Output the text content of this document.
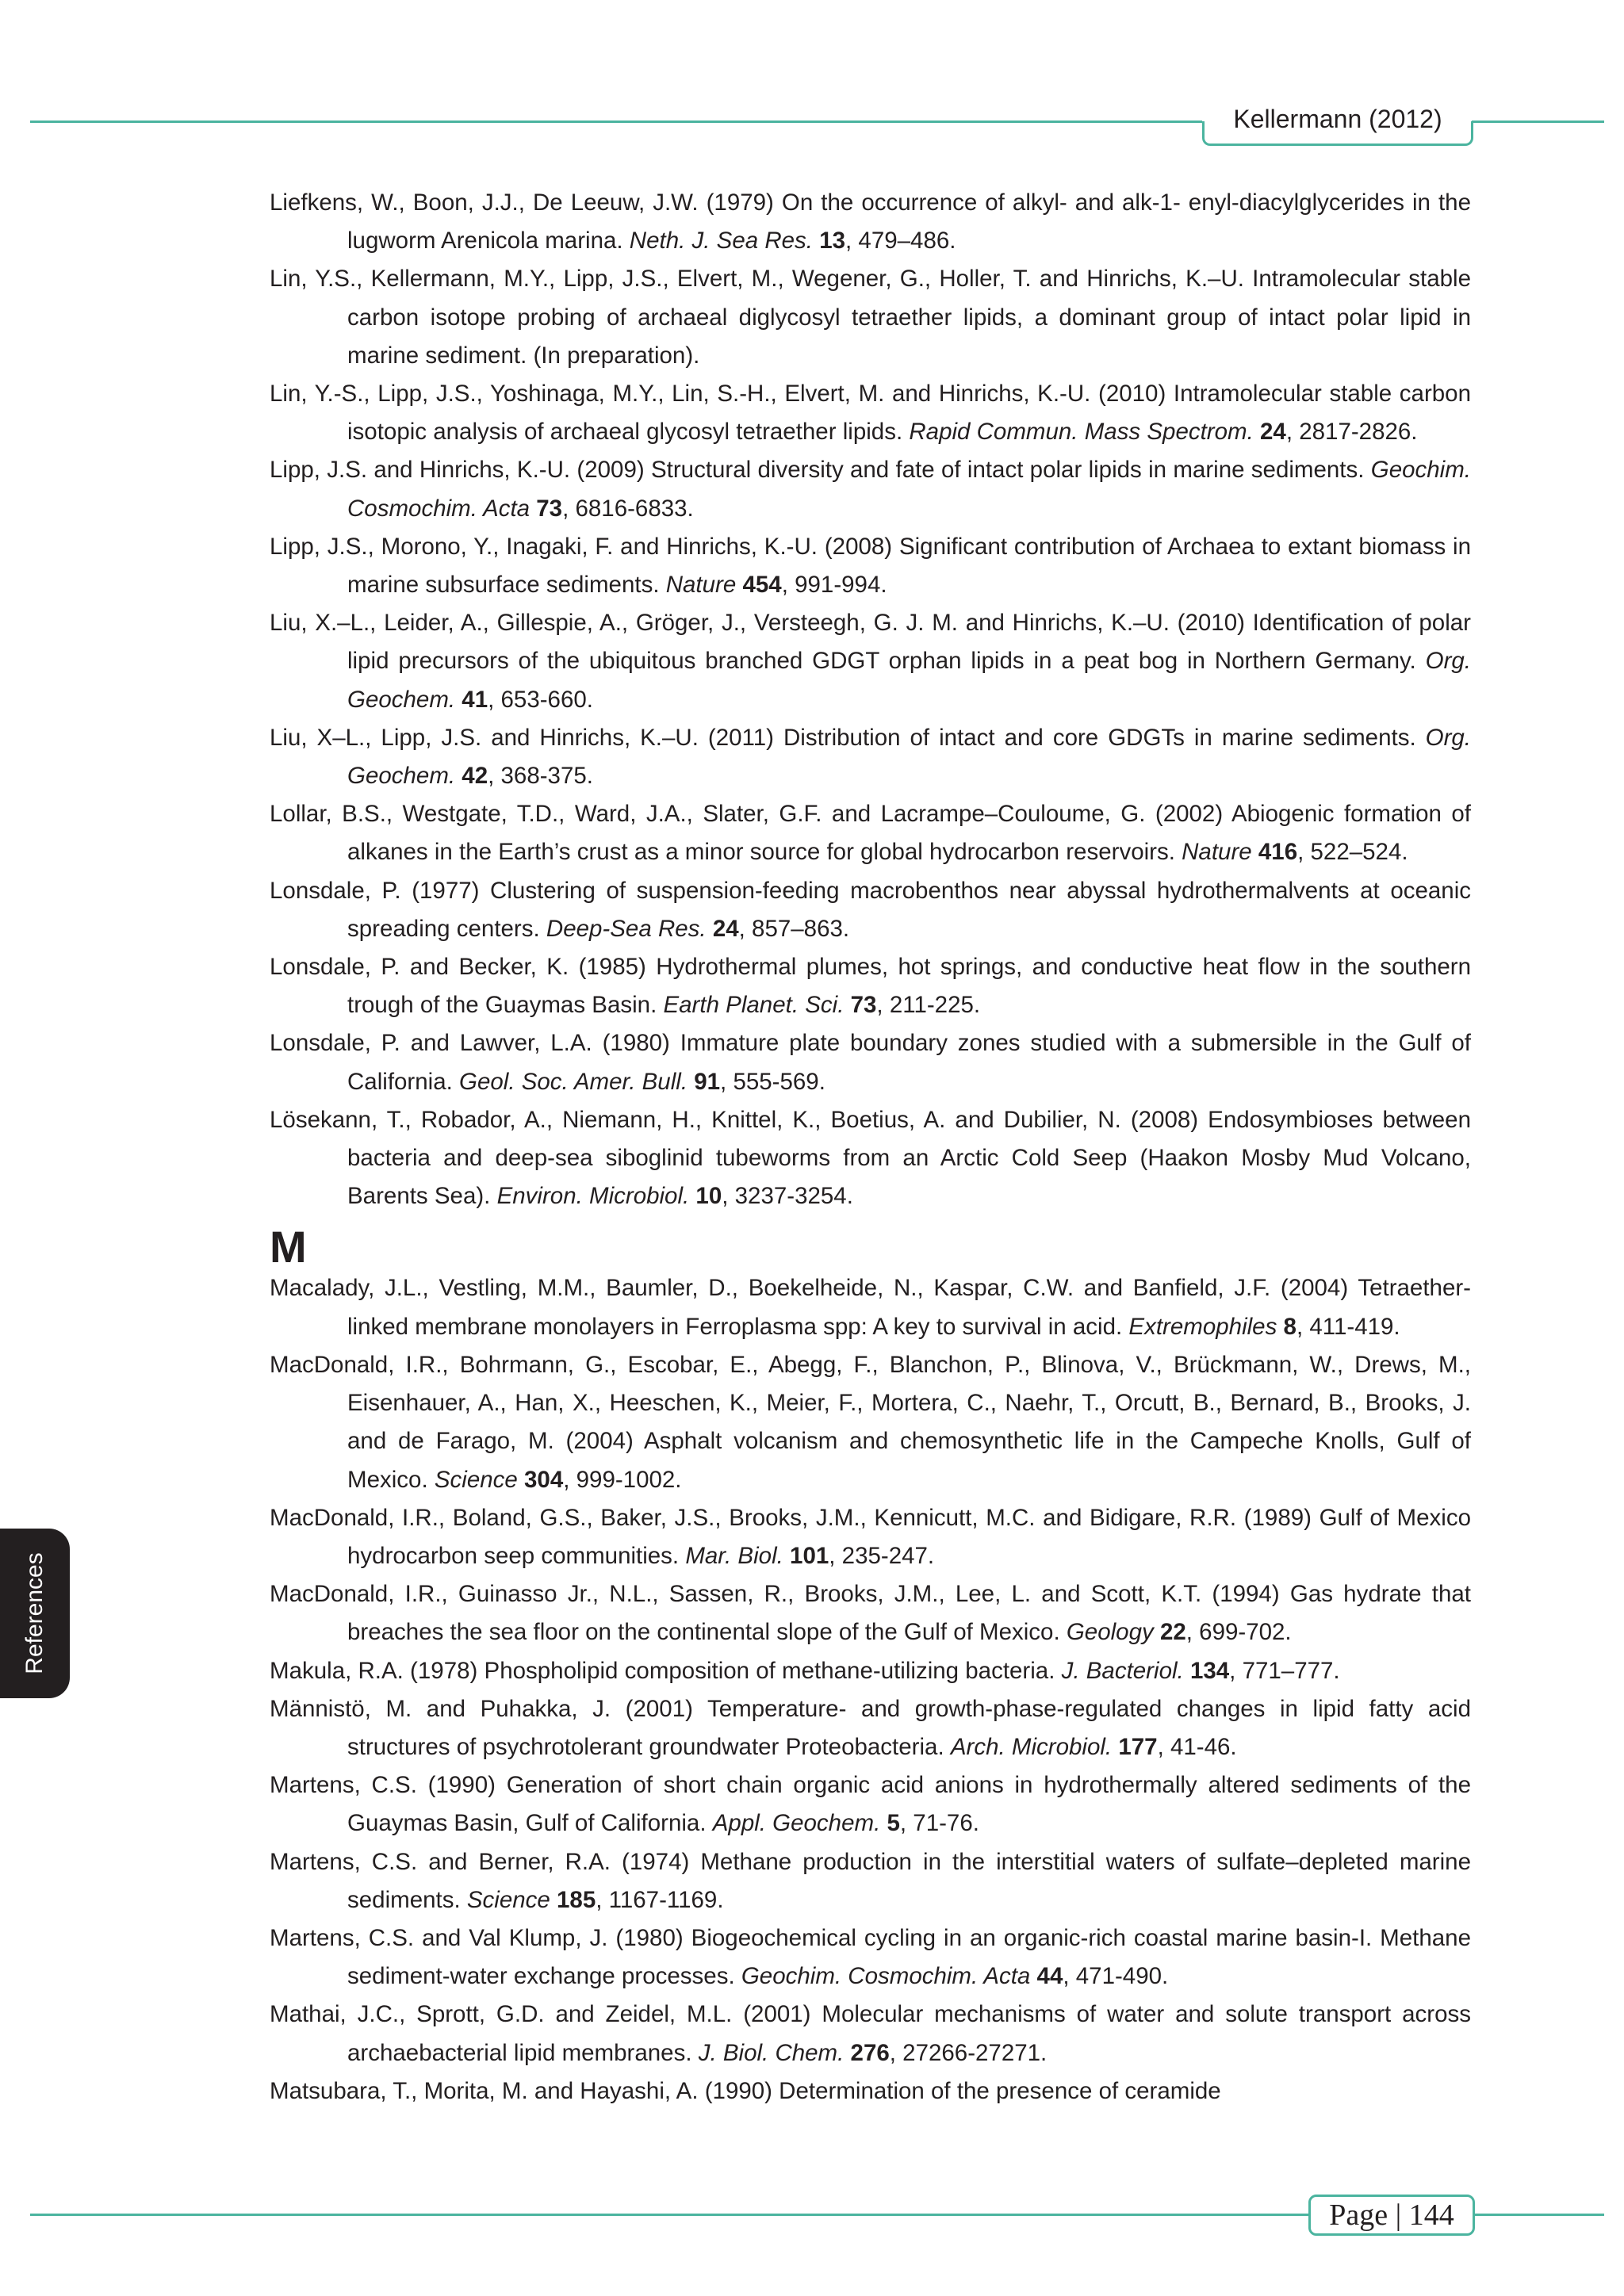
Kellermann (2012)
Liefkens, W., Boon, J.J., De Leeuw, J.W. (1979) On the occurrence of alkyl- and alk-1- enyl-diacylglycerides in the lugworm Arenicola marina. Neth. J. Sea Res. 13, 479–486.
Lin, Y.S., Kellermann, M.Y., Lipp, J.S., Elvert, M., Wegener, G., Holler, T. and Hinrichs, K.–U. Intramolecular stable carbon isotope probing of archaeal diglycosyl tetraether lipids, a dominant group of intact polar lipid in marine sediment. (In preparation).
Lin, Y.-S., Lipp, J.S., Yoshinaga, M.Y., Lin, S.-H., Elvert, M. and Hinrichs, K.-U. (2010) Intramolecular stable carbon isotopic analysis of archaeal glycosyl tetraether lipids. Rapid Commun. Mass Spectrom. 24, 2817-2826.
Lipp, J.S. and Hinrichs, K.-U. (2009) Structural diversity and fate of intact polar lipids in marine sediments. Geochim. Cosmochim. Acta 73, 6816-6833.
Lipp, J.S., Morono, Y., Inagaki, F. and Hinrichs, K.-U. (2008) Significant contribution of Archaea to extant biomass in marine subsurface sediments. Nature 454, 991-994.
Liu, X.–L., Leider, A., Gillespie, A., Gröger, J., Versteegh, G. J. M. and Hinrichs, K.–U. (2010) Identification of polar lipid precursors of the ubiquitous branched GDGT orphan lipids in a peat bog in Northern Germany. Org. Geochem. 41, 653-660.
Liu, X–L., Lipp, J.S. and Hinrichs, K.–U. (2011) Distribution of intact and core GDGTs in marine sediments. Org. Geochem. 42, 368-375.
Lollar, B.S., Westgate, T.D., Ward, J.A., Slater, G.F. and Lacrampe–Couloume, G. (2002) Abiogenic formation of alkanes in the Earth’s crust as a minor source for global hydrocarbon reservoirs. Nature 416, 522–524.
Lonsdale, P. (1977) Clustering of suspension-feeding macrobenthos near abyssal hydrothermalvents at oceanic spreading centers. Deep-Sea Res. 24, 857–863.
Lonsdale, P. and Becker, K. (1985) Hydrothermal plumes, hot springs, and conductive heat flow in the southern trough of the Guaymas Basin. Earth Planet. Sci. 73, 211-225.
Lonsdale, P. and Lawver, L.A. (1980) Immature plate boundary zones studied with a submersible in the Gulf of California. Geol. Soc. Amer. Bull. 91, 555-569.
Lösekann, T., Robador, A., Niemann, H., Knittel, K., Boetius, A. and Dubilier, N. (2008) Endosymbioses between bacteria and deep-sea siboglinid tubeworms from an Arctic Cold Seep (Haakon Mosby Mud Volcano, Barents Sea). Environ. Microbiol. 10, 3237-3254.
M
Macalady, J.L., Vestling, M.M., Baumler, D., Boekelheide, N., Kaspar, C.W. and Banfield, J.F. (2004) Tetraether-linked membrane monolayers in Ferroplasma spp: A key to survival in acid. Extremophiles 8, 411-419.
MacDonald, I.R., Bohrmann, G., Escobar, E., Abegg, F., Blanchon, P., Blinova, V., Brückmann, W., Drews, M., Eisenhauer, A., Han, X., Heeschen, K., Meier, F., Mortera, C., Naehr, T., Orcutt, B., Bernard, B., Brooks, J. and de Farago, M. (2004) Asphalt volcanism and chemosynthetic life in the Campeche Knolls, Gulf of Mexico. Science 304, 999-1002.
MacDonald, I.R., Boland, G.S., Baker, J.S., Brooks, J.M., Kennicutt, M.C. and Bidigare, R.R. (1989) Gulf of Mexico hydrocarbon seep communities. Mar. Biol. 101, 235-247.
MacDonald, I.R., Guinasso Jr., N.L., Sassen, R., Brooks, J.M., Lee, L. and Scott, K.T. (1994) Gas hydrate that breaches the sea floor on the continental slope of the Gulf of Mexico. Geology 22, 699-702.
Makula, R.A. (1978) Phospholipid composition of methane-utilizing bacteria. J. Bacteriol. 134, 771–777.
Männistö, M. and Puhakka, J. (2001) Temperature- and growth-phase-regulated changes in lipid fatty acid structures of psychrotolerant groundwater Proteobacteria. Arch. Microbiol. 177, 41-46.
Martens, C.S. (1990) Generation of short chain organic acid anions in hydrothermally altered sediments of the Guaymas Basin, Gulf of California. Appl. Geochem. 5, 71-76.
Martens, C.S. and Berner, R.A. (1974) Methane production in the interstitial waters of sulfate–depleted marine sediments. Science 185, 1167-1169.
Martens, C.S. and Val Klump, J. (1980) Biogeochemical cycling in an organic-rich coastal marine basin-I. Methane sediment-water exchange processes. Geochim. Cosmochim. Acta 44, 471-490.
Mathai, J.C., Sprott, G.D. and Zeidel, M.L. (2001) Molecular mechanisms of water and solute transport across archaebacterial lipid membranes. J. Biol. Chem. 276, 27266-27271.
Matsubara, T., Morita, M. and Hayashi, A. (1990) Determination of the presence of ceramide
References
Page | 144
